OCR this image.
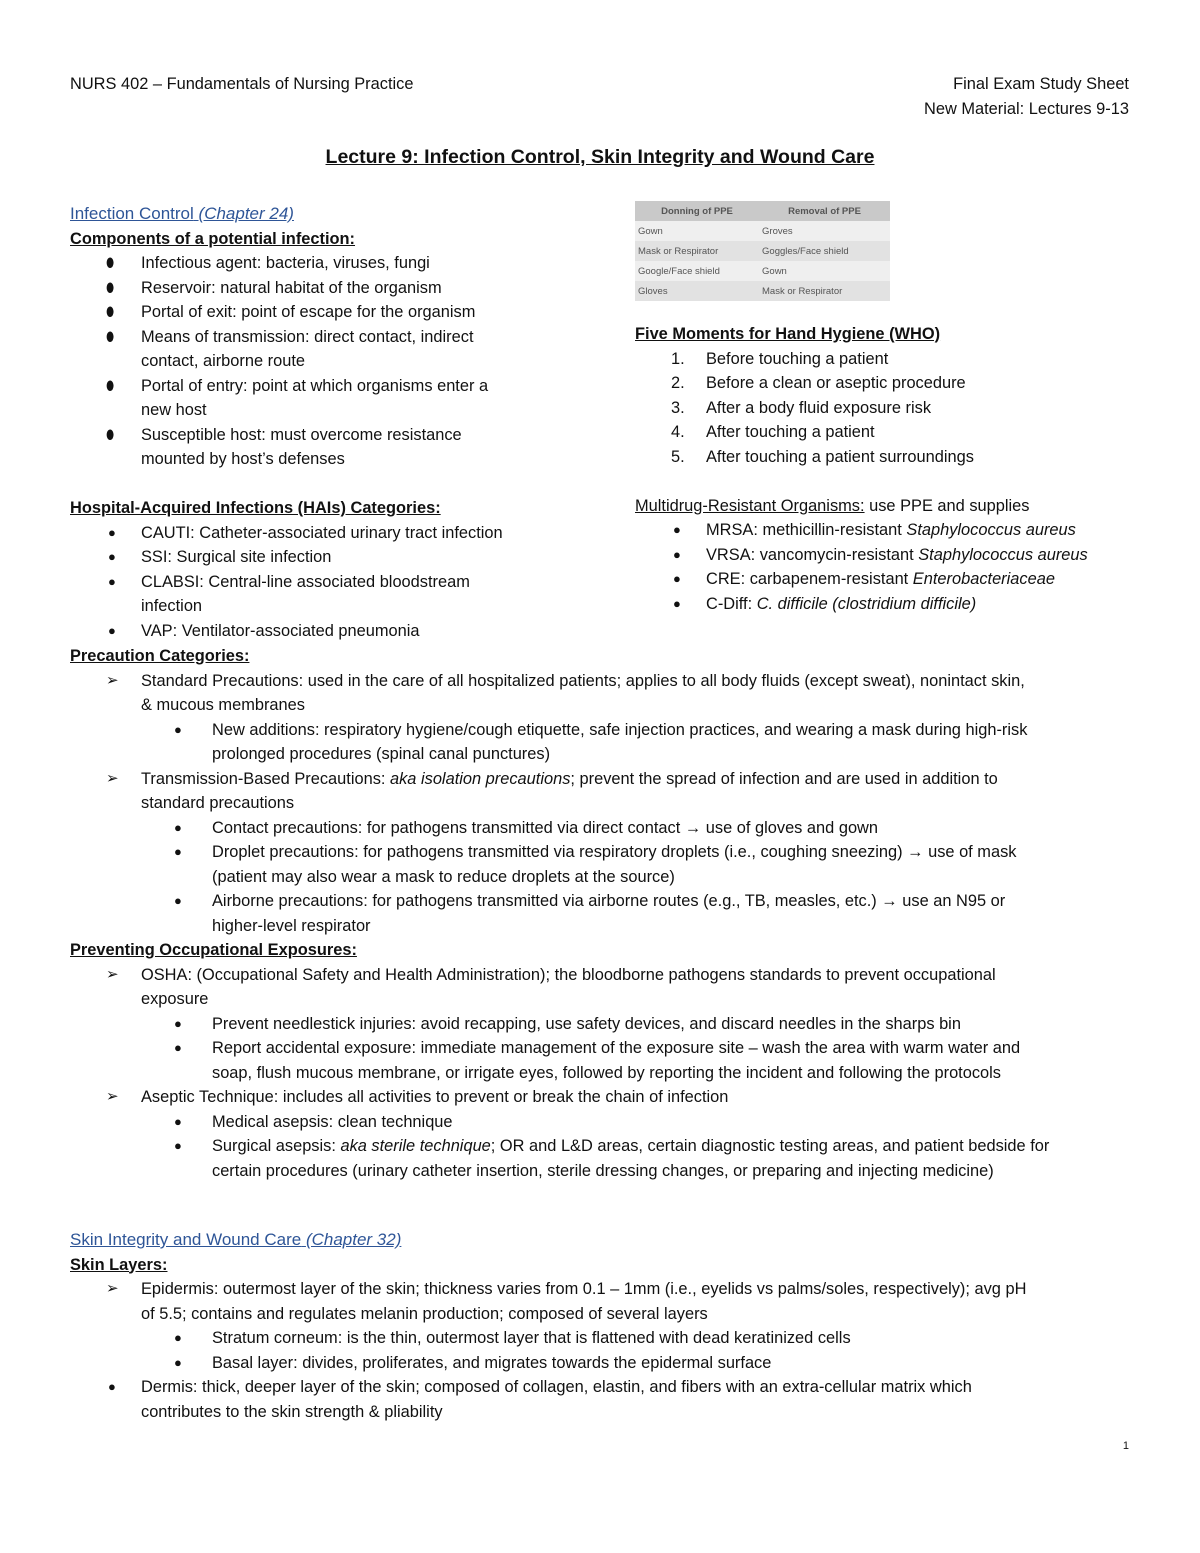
NURS 402 – Fundamentals of Nursing Practice	Final Exam Study Sheet
New Material: Lectures 9-13
Lecture 9: Infection Control, Skin Integrity and Wound Care
Infection Control (Chapter 24)
Components of a potential infection:
⬮ Infectious agent: bacteria, viruses, fungi
⬮ Reservoir: natural habitat of the organism
⬮ Portal of exit: point of escape for the organism
⬮ Means of transmission: direct contact, indirect
contact, airborne route
⬮ Portal of entry: point at which organisms enter a
new host
⬮ Susceptible host: must overcome resistance
mounted by host’s defenses
Hospital-Acquired Infections (HAIs) Categories:
● CAUTI: Catheter-associated urinary tract infection
● SSI: Surgical site infection
● CLABSI: Central-line associated bloodstream
infection
● VAP: Ventilator-associated pneumonia
Donning of PPE	Removal of PPE
Gown	Groves
Mask or Respirator	Goggles/Face shield
Google/Face shield	Gown
Gloves	Mask or Respirator
Five Moments for Hand Hygiene (WHO)
1. Before touching a patient
2. Before a clean or aseptic procedure
3. After a body fluid exposure risk
4. After touching a patient
5. After touching a patient surroundings
Multidrug-Resistant Organisms: use PPE and supplies
● MRSA: methicillin-resistant Staphylococcus aureus
● VRSA: vancomycin-resistant Staphylococcus aureus
● CRE: carbapenem-resistant Enterobacteriaceae
● C-Diff: C. difficile (clostridium difficile)
Precaution Categories:
➢ Standard Precautions: used in the care of all hospitalized patients; applies to all body fluids (except sweat), nonintact skin,
& mucous membranes
● New additions: respiratory hygiene/cough etiquette, safe injection practices, and wearing a mask during high-risk
prolonged procedures (spinal canal punctures)
➢ Transmission-Based Precautions: aka isolation precautions; prevent the spread of infection and are used in addition to
standard precautions
● Contact precautions: for pathogens transmitted via direct contact → use of gloves and gown
● Droplet precautions: for pathogens transmitted via respiratory droplets (i.e., coughing sneezing) → use of mask
(patient may also wear a mask to reduce droplets at the source)
● Airborne precautions: for pathogens transmitted via airborne routes (e.g., TB, measles, etc.) → use an N95 or
higher-level respirator
Preventing Occupational Exposures:
➢ OSHA: (Occupational Safety and Health Administration); the bloodborne pathogens standards to prevent occupational
exposure
● Prevent needlestick injuries: avoid recapping, use safety devices, and discard needles in the sharps bin
● Report accidental exposure: immediate management of the exposure site – wash the area with warm water and
soap, flush mucous membrane, or irrigate eyes, followed by reporting the incident and following the protocols
➢ Aseptic Technique: includes all activities to prevent or break the chain of infection
● Medical asepsis: clean technique
● Surgical asepsis: aka sterile technique; OR and L&D areas, certain diagnostic testing areas, and patient bedside for
certain procedures (urinary catheter insertion, sterile dressing changes, or preparing and injecting medicine)
Skin Integrity and Wound Care (Chapter 32)
Skin Layers:
➢ Epidermis: outermost layer of the skin; thickness varies from 0.1 – 1mm (i.e., eyelids vs palms/soles, respectively); avg pH
of 5.5; contains and regulates melanin production; composed of several layers
● Stratum corneum: is the thin, outermost layer that is flattened with dead keratinized cells
● Basal layer: divides, proliferates, and migrates towards the epidermal surface
● Dermis: thick, deeper layer of the skin; composed of collagen, elastin, and fibers with an extra-cellular matrix which
contributes to the skin strength & pliability
1
